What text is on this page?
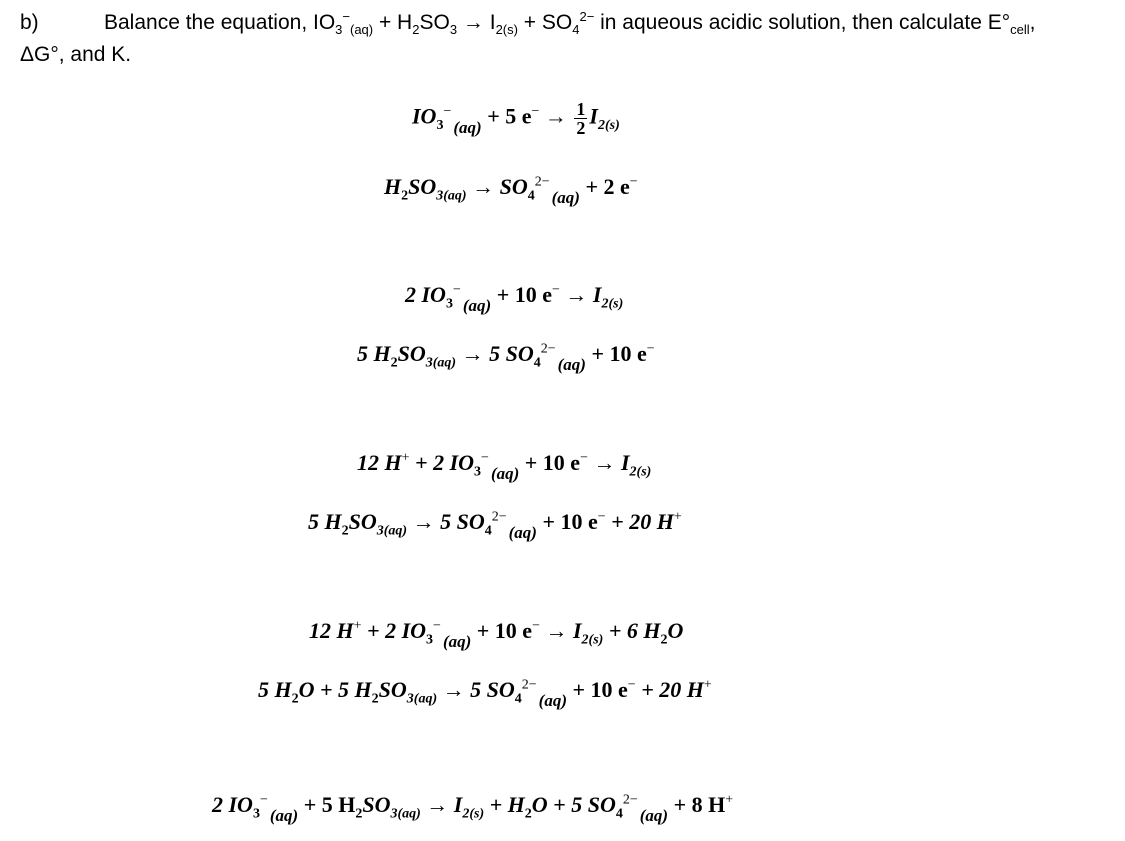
b)	Balance the equation, $IO_3^-_{(aq)} + H_2SO_3 \to I_{2(s)} + SO_4^{2-}$ in aqueous acidic solution, then calculate $E^\circ_{cell}$,
ΔG°, and K.
$IO_3^-_{(aq)} + 5$ $e^- \to \frac{1}{2} I_{2(s)}$
$H_2SO_{3(aq)} \to SO_4^{2-}_{(aq)} + 2$ e−
2 $IO_3^-_{(aq)} + 10$ $e^- \to I_{2(s)}$
5 $H_2SO_{3(aq)} \to 5$ $SO_4^{2-}_{(aq)} + 10$ e−
12 H+ + 2 $IO_3^-_{(aq)} + 10$ $e^- \to I_{2(s)}$
5 $H_2SO_{3(aq)} \to 5$ $SO_4^{2-}_{(aq)} + 10$ e− + 20 H+
12 H+ + 2 $IO_3^-_{(aq)} + 10$ $e^- \to I_{2(s)} + 6$ $H_2O$
5 $H_2O + 5$ $H_2SO_{3(aq)} \to 5$ $SO_4^{2-}_{(aq)} + 10$ e− + 20 H+
2 $IO_3^-_{(aq)} + 5$ $H_2SO_{3(aq)} \to I_{2(s)} + H_2O + 5$ $SO_4^{2-}_{(aq)} + 8$ H+
